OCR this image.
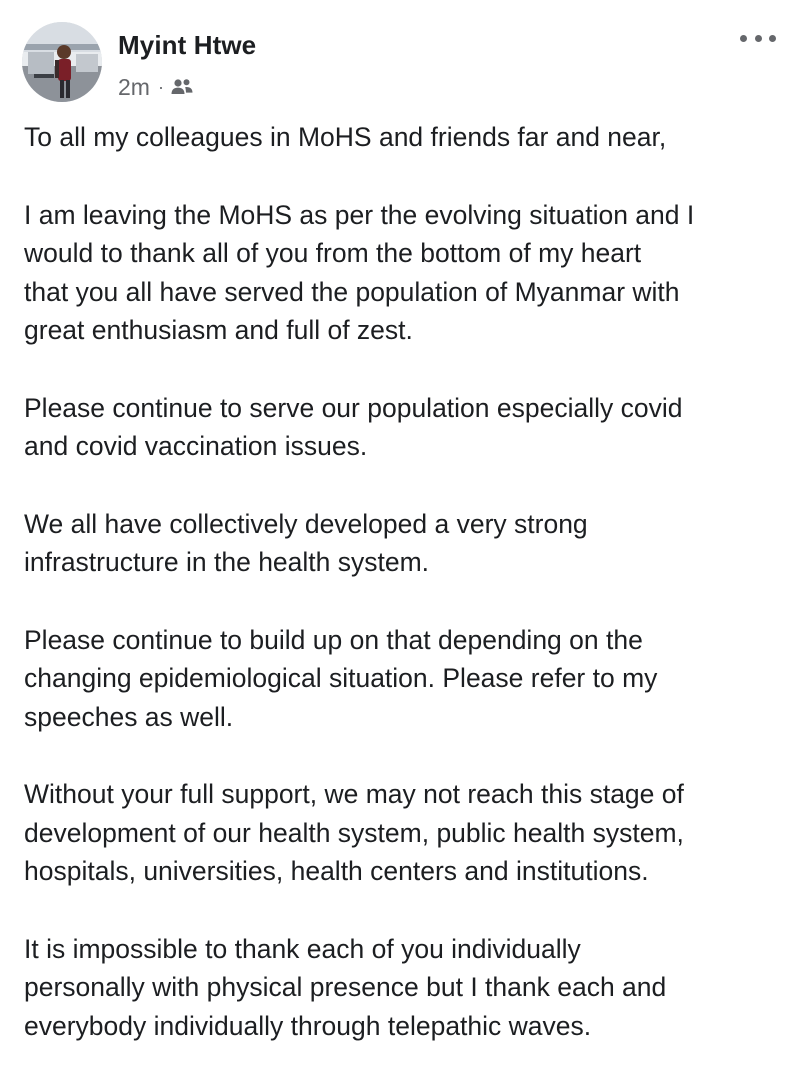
Myint Htwe
2m ·

To all my colleagues in MoHS and friends far and near,

I am leaving the MoHS as per the evolving situation and I
would to thank all of you from the bottom of my heart
that you all have served the population of Myanmar with
great enthusiasm and full of zest.

Please continue to serve our population especially covid
and covid vaccination issues.

We all have collectively developed a very strong
infrastructure in the health system.

Please continue to build up on that depending on the
changing epidemiological situation. Please refer to my
speeches as well.

Without your full support, we may not reach this stage of
development of our health system, public health system,
hospitals, universities, health centers and institutions.

It is impossible to thank each of you individually
personally with physical presence but I thank each and
everybody individually through telepathic waves.
